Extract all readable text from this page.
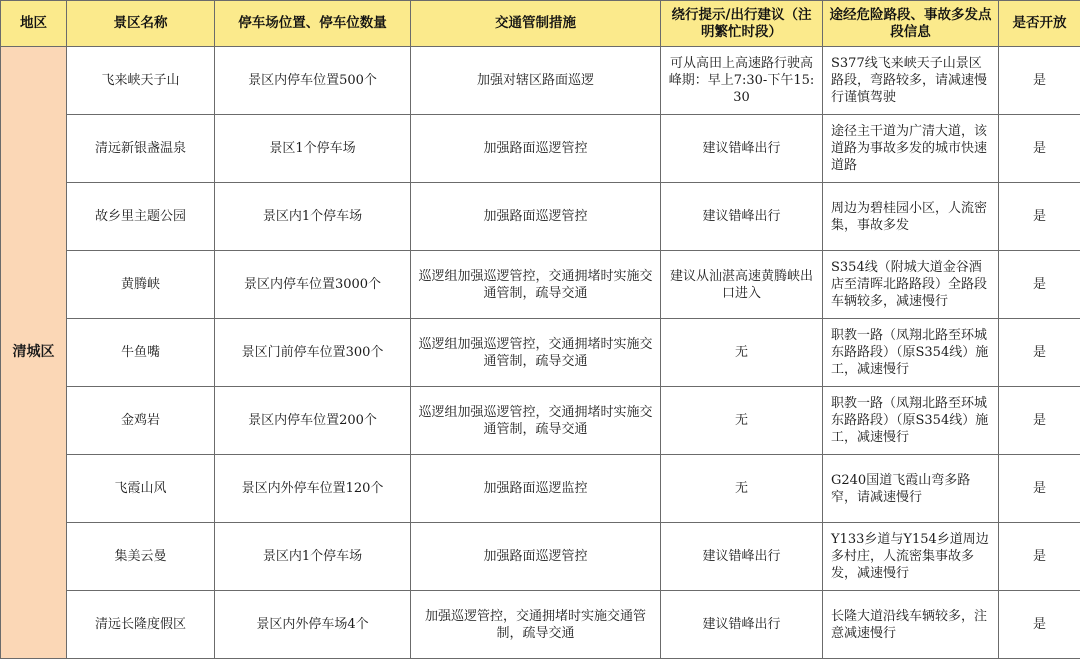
地区	景区名称	停车场位置、停车位数量	交通管制措施	绕行提示/出行建议（注明繁忙时段）	途经危险路段、事故多发点段信息	是否开放
清城区	飞来峡天子山	景区内停车位置500个	加强对辖区路面巡逻	可从高田上高速路行驶高峰期：早上7:30-下午15:30	S377线飞来峡天子山景区路段，弯路较多，请减速慢行谨慎驾驶	是
	清远新银盏温泉	景区1个停车场	加强路面巡逻管控	建议错峰出行	途径主干道为广清大道，该道路为事故多发的城市快速道路	是
	故乡里主题公园	景区内1个停车场	加强路面巡逻管控	建议错峰出行	周边为碧桂园小区，人流密集，事故多发	是
	黄腾峡	景区内停车位置3000个	巡逻组加强巡逻管控，交通拥堵时实施交通管制，疏导交通	建议从汕湛高速黄腾峡出口进入	S354线（附城大道金谷酒店至清晖北路路段）全路段车辆较多，减速慢行	是
	牛鱼嘴	景区门前停车位置300个	巡逻组加强巡逻管控，交通拥堵时实施交通管制，疏导交通	无	职教一路（凤翔北路至环城东路路段）（原S354线）施工，减速慢行	是
	金鸡岩	景区内停车位置200个	巡逻组加强巡逻管控，交通拥堵时实施交通管制，疏导交通	无	职教一路（凤翔北路至环城东路路段）（原S354线）施工，减速慢行	是
	飞霞山风	景区内外停车位置120个	加强路面巡逻监控	无	G240国道飞霞山弯多路窄，请减速慢行	是
	集美云曼	景区内1个停车场	加强路面巡逻管控	建议错峰出行	Y133乡道与Y154乡道周边多村庄，人流密集事故多发，减速慢行	是
	清远长隆度假区	景区内外停车场4个	加强巡逻管控，交通拥堵时实施交通管制，疏导交通	建议错峰出行	长隆大道沿线车辆较多，注意减速慢行	是
